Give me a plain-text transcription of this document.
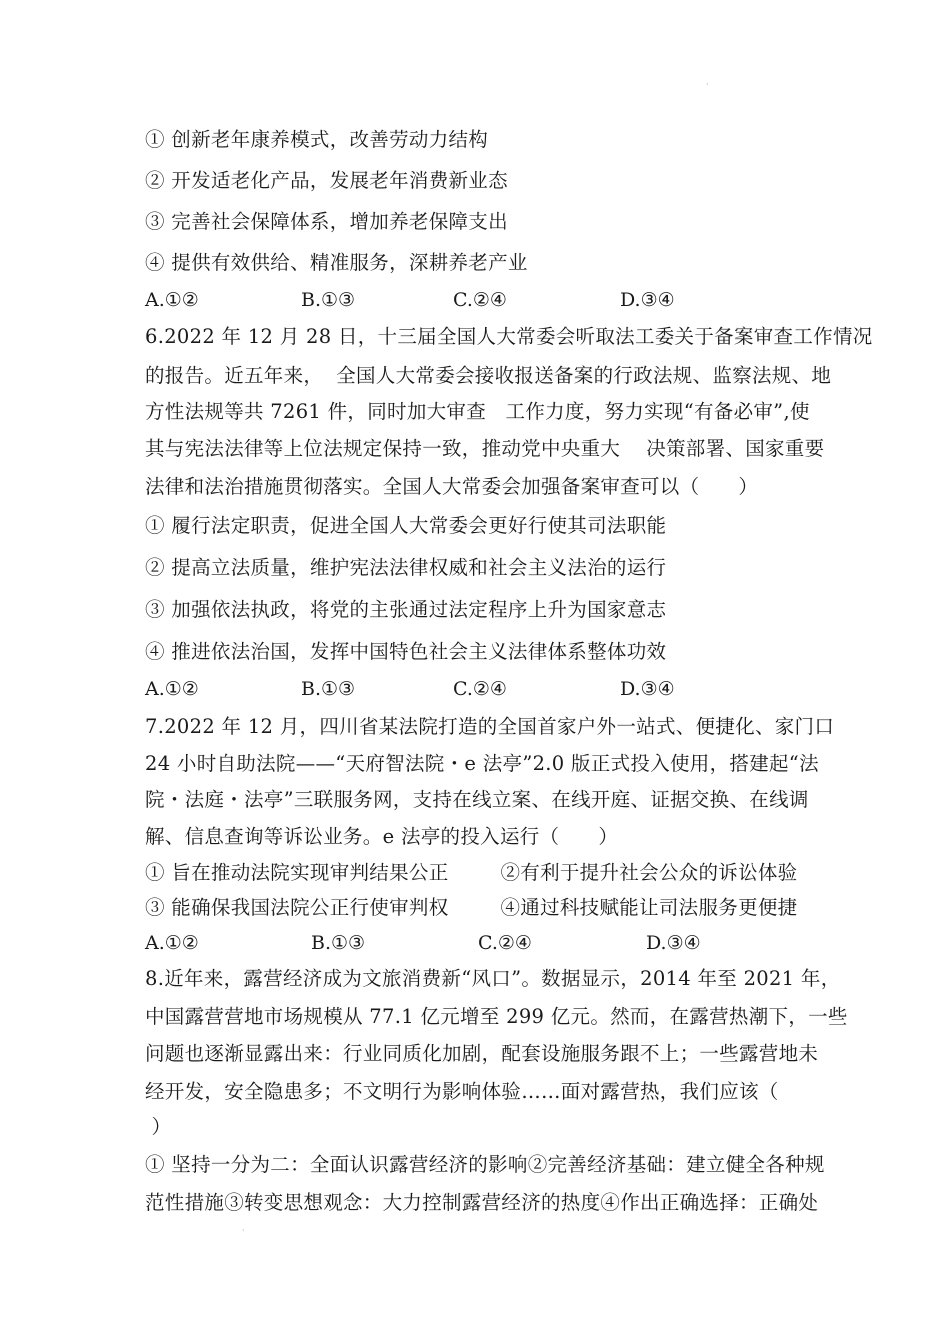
·
① 创新老年康养模式，改善劳动力结构
② 开发适老化产品，发展老年消费新业态
③ 完善社会保障体系，增加养老保障支出
④ 提供有效供给、精准服务，深耕养老产业
A.①②	B.①③	C.②④	D.③④
6.2022 年 12 月 28 日，十三届全国人大常委会听取法工委关于备案审查工作情况
的报告。近五年来，  全国人大常委会接收报送备案的行政法规、监察法规、地
方性法规等共 7261 件，同时加大审查   工作力度，努力实现“有备必审”,使
其与宪法法律等上位法规定保持一致，推动党中央重大    决策部署、国家重要
法律和法治措施贯彻落实。全国人大常委会加强备案审查可以（      ）
① 履行法定职责，促进全国人大常委会更好行使其司法职能
② 提高立法质量，维护宪法法律权威和社会主义法治的运行
③ 加强依法执政，将党的主张通过法定程序上升为国家意志
④ 推进依法治国，发挥中国特色社会主义法律体系整体功效
A.①②	B.①③	C.②④	D.③④
7.2022 年 12 月，四川省某法院打造的全国首家户外一站式、便捷化、家门口
24 小时自助法院——“天府智法院・e 法亭”2.0 版正式投入使用，搭建起“法
院・法庭・法亭”三联服务网，支持在线立案、在线开庭、证据交换、在线调
解、信息查询等诉讼业务。e 法亭的投入运行（      ）
① 旨在推动法院实现审判结果公正        ②有利于提升社会公众的诉讼体验
③ 能确保我国法院公正行使审判权        ④通过科技赋能让司法服务更便捷
A.①②	B.①③	C.②④	D.③④
8.近年来，露营经济成为文旅消费新“风口”。数据显示，2014 年至 2021 年，
中国露营营地市场规模从 77.1 亿元增至 299 亿元。然而，在露营热潮下，一些
问题也逐渐显露出来：行业同质化加剧，配套设施服务跟不上；一些露营地未
经开发，安全隐患多；不文明行为影响体验……面对露营热，我们应该（
）
① 坚持一分为二：全面认识露营经济的影响②完善经济基础：建立健全各种规
范性措施③转变思想观念：大力控制露营经济的热度④作出正确选择：正确处
·
